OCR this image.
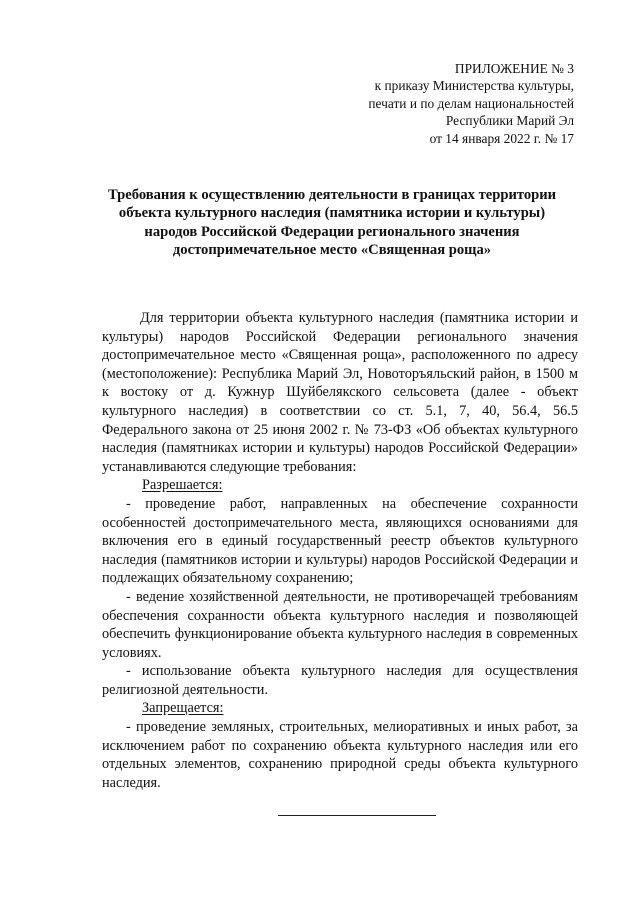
ПРИЛОЖЕНИЕ № 3
к приказу Министерства культуры,
печати и по делам национальностей
Республики Марий Эл
от 14 января 2022 г. № 17
Требования к осуществлению деятельности в границах территории
объекта культурного наследия (памятника истории и культуры)
народов Российской Федерации регионального значения
достопримечательное место «Священная роща»

Для территории объекта культурного наследия (памятника истории и культуры) народов Российской Федерации регионального значения достопримечательное место «Священная роща», расположенного по адресу (местоположение): Республика Марий Эл, Новоторъяльский район, в 1500 м к востоку от д. Кужнур Шуйбелякского сельсовета (далее - объект культурного наследия) в соответствии со ст. 5.1, 7, 40, 56.4, 56.5 Федерального закона от 25 июня 2002 г. № 73-ФЗ «Об объектах культурного наследия (памятниках истории и культуры) народов Российской Федерации» устанавливаются следующие требования:

Разрешается:

- проведение работ, направленных на обеспечение сохранности особенностей достопримечательного места, являющихся основаниями для включения его в единый государственный реестр объектов культурного наследия (памятников истории и культуры) народов Российской Федерации и подлежащих обязательному сохранению;

- ведение хозяйственной деятельности, не противоречащей требованиям обеспечения сохранности объекта культурного наследия и позволяющей обеспечить функционирование объекта культурного наследия в современных условиях.

- использование объекта культурного наследия для осуществления религиозной деятельности.

Запрещается:

- проведение земляных, строительных, мелиоративных и иных работ, за исключением работ по сохранению объекта культурного наследия или его отдельных элементов, сохранению природной среды объекта культурного наследия.
